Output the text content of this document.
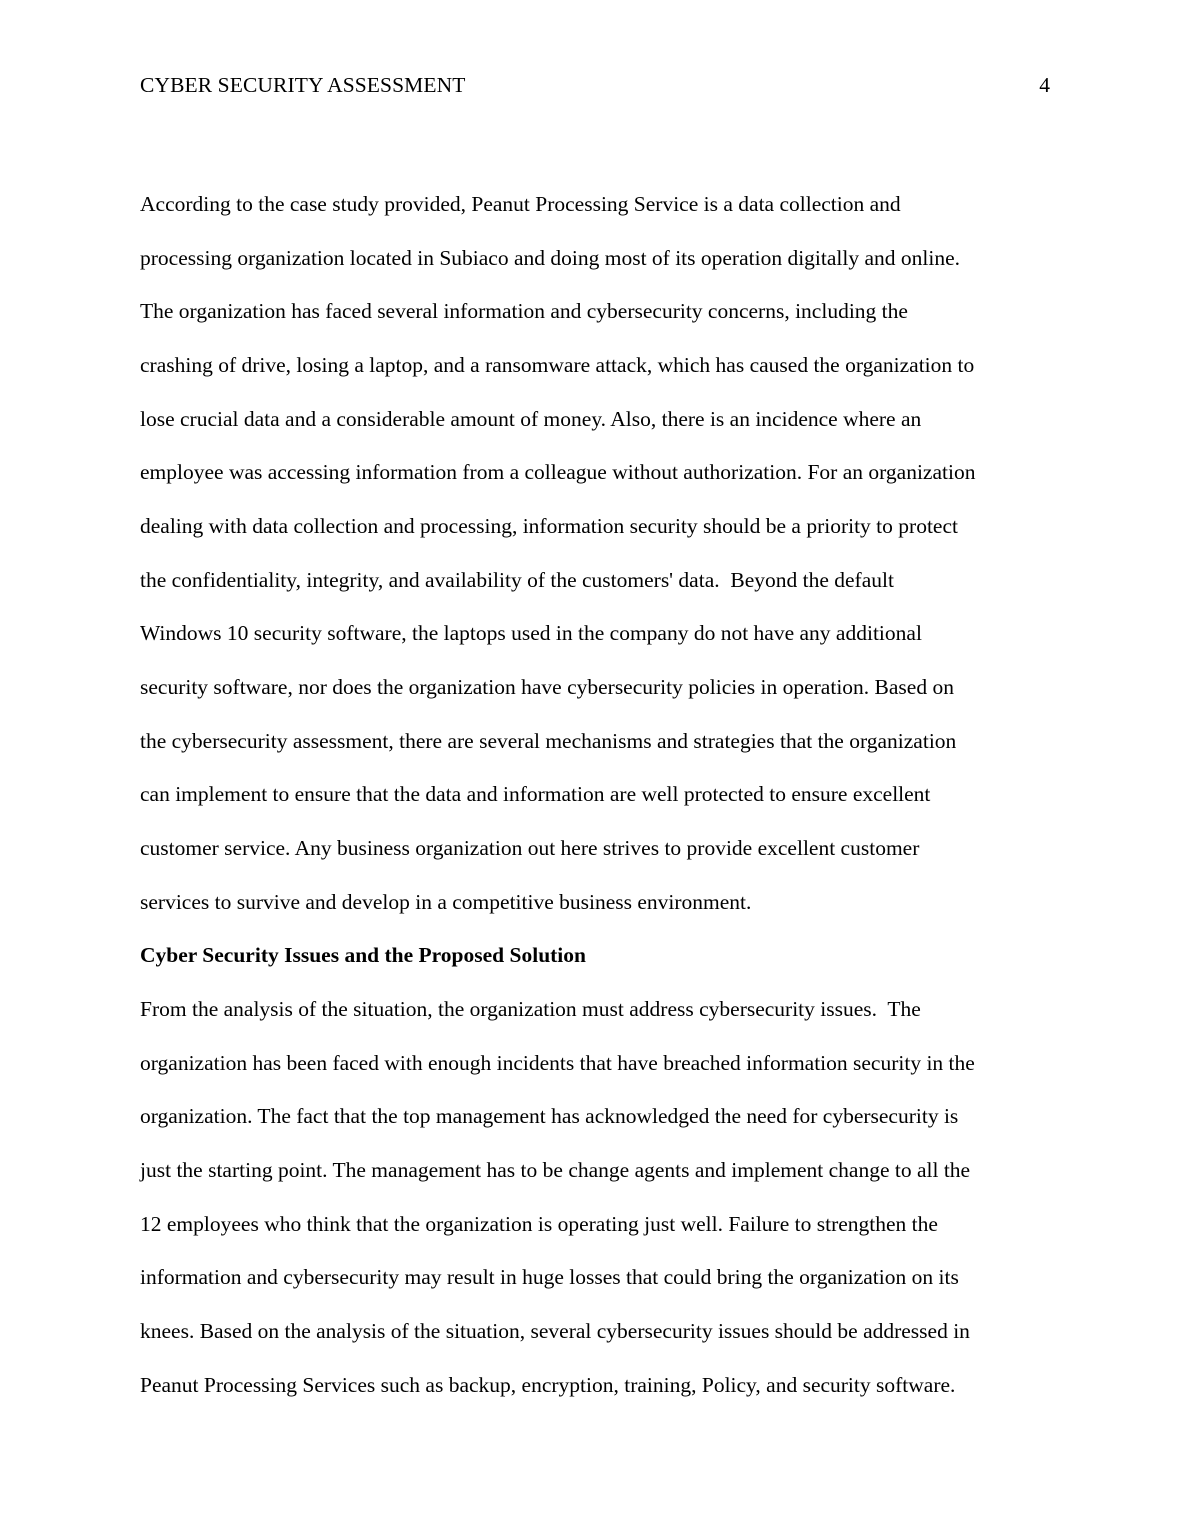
CYBER SECURITY ASSESSMENT	4
According to the case study provided, Peanut Processing Service is a data collection and
processing organization located in Subiaco and doing most of its operation digitally and online.
The organization has faced several information and cybersecurity concerns, including the
crashing of drive, losing a laptop, and a ransomware attack, which has caused the organization to
lose crucial data and a considerable amount of money. Also, there is an incidence where an
employee was accessing information from a colleague without authorization. For an organization
dealing with data collection and processing, information security should be a priority to protect
the confidentiality, integrity, and availability of the customers' data.  Beyond the default
Windows 10 security software, the laptops used in the company do not have any additional
security software, nor does the organization have cybersecurity policies in operation. Based on
the cybersecurity assessment, there are several mechanisms and strategies that the organization
can implement to ensure that the data and information are well protected to ensure excellent
customer service. Any business organization out here strives to provide excellent customer
services to survive and develop in a competitive business environment.
Cyber Security Issues and the Proposed Solution
From the analysis of the situation, the organization must address cybersecurity issues.  The
organization has been faced with enough incidents that have breached information security in the
organization. The fact that the top management has acknowledged the need for cybersecurity is
just the starting point. The management has to be change agents and implement change to all the
12 employees who think that the organization is operating just well. Failure to strengthen the
information and cybersecurity may result in huge losses that could bring the organization on its
knees. Based on the analysis of the situation, several cybersecurity issues should be addressed in
Peanut Processing Services such as backup, encryption, training, Policy, and security software.
